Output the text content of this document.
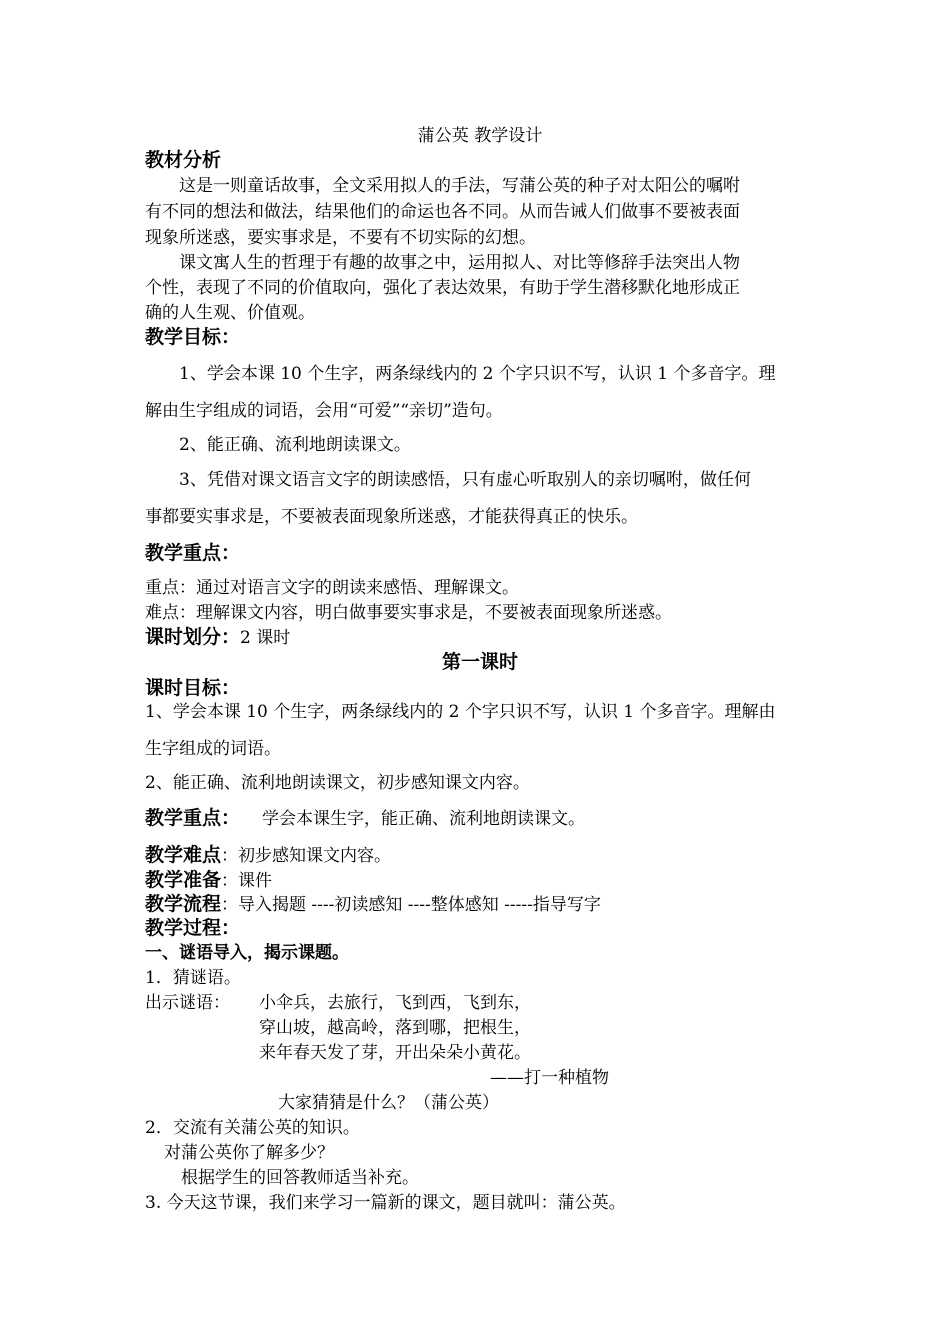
蒲公英 教学设计
教材分析
这是一则童话故事，全文采用拟人的手法，写蒲公英的种子对太阳公的嘱咐
有不同的想法和做法，结果他们的命运也各不同。从而告诫人们做事不要被表面
现象所迷惑，要实事求是，不要有不切实际的幻想。
课文寓人生的哲理于有趣的故事之中，运用拟人、对比等修辞手法突出人物
个性，表现了不同的价值取向，强化了表达效果，有助于学生潜移默化地形成正
确的人生观、价值观。
教学目标：
1、学会本课 10 个生字，两条绿线内的 2 个字只识不写，认识 1 个多音字。理
解由生字组成的词语，会用“可爱”“亲切”造句。
2、能正确、流利地朗读课文。
3、凭借对课文语言文字的朗读感悟，只有虚心听取别人的亲切嘱咐，做任何
事都要实事求是，不要被表面现象所迷惑，才能获得真正的快乐。
教学重点：
重点：通过对语言文字的朗读来感悟、理解课文。
难点：理解课文内容，明白做事要实事求是，不要被表面现象所迷惑。
课时划分：2 课时
第一课时
课时目标：
1、学会本课 10 个生字，两条绿线内的 2 个字只识不写，认识 1 个多音字。理解由
生字组成的词语。
2、能正确、流利地朗读课文，初步感知课文内容。
教学重点： 学会本课生字，能正确、流利地朗读课文。
教学难点：初步感知课文内容。
教学准备：课件
教学流程：导入揭题 ----初读感知 ----整体感知 -----指导写字
教学过程：
一、谜语导入，揭示课题。
1．猜谜语。
出示谜语： 小伞兵，去旅行，飞到西，飞到东，
穿山坡，越高岭，落到哪，把根生，
来年春天发了芽，开出朵朵小黄花。
——打一种植物
大家猜猜是什么？（蒲公英）
2．交流有关蒲公英的知识。
对蒲公英你了解多少？
根据学生的回答教师适当补充。
3. 今天这节课，我们来学习一篇新的课文，题目就叫：蒲公英。
